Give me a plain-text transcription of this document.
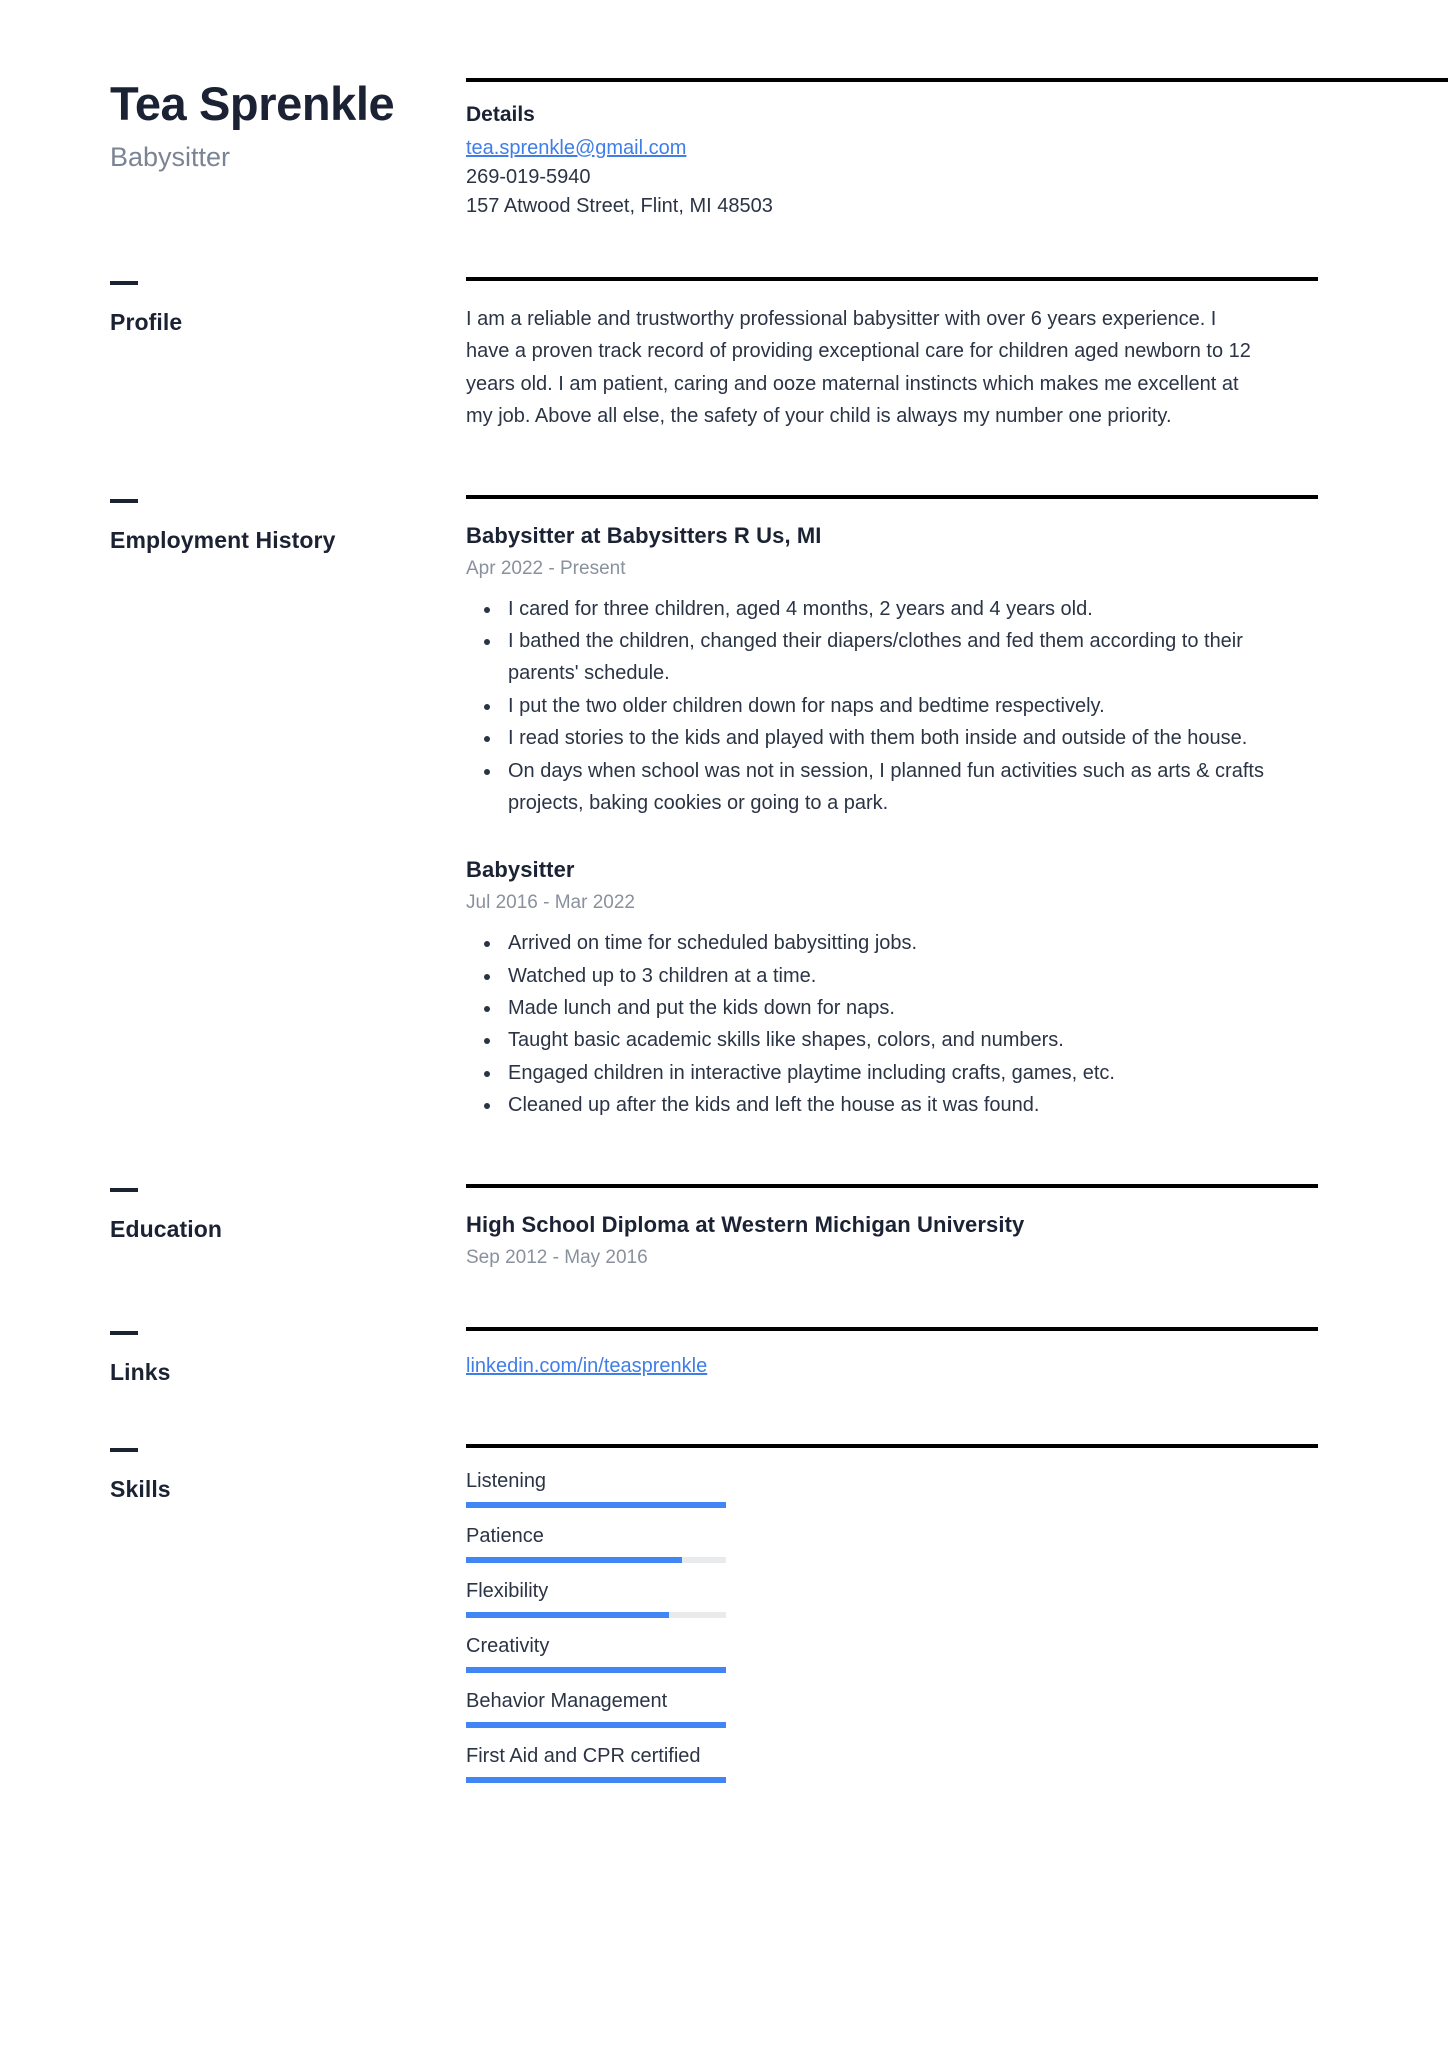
Tea Sprenkle
Babysitter
Details
tea.sprenkle@gmail.com
269-019-5940
157 Atwood Street, Flint, MI 48503
Profile	I am a reliable and trustworthy professional babysitter with over 6 years experience. I have a proven track record of providing exceptional care for children aged newborn to 12 years old. I am patient, caring and ooze maternal instincts which makes me excellent at my job. Above all else, the safety of your child is always my number one priority.
Employment History	Babysitter at Babysitters R Us, MI
Apr 2022 - Present
• I cared for three children, aged 4 months, 2 years and 4 years old.
• I bathed the children, changed their diapers/clothes and fed them according to their parents' schedule.
• I put the two older children down for naps and bedtime respectively.
• I read stories to the kids and played with them both inside and outside of the house.
• On days when school was not in session, I planned fun activities such as arts & crafts projects, baking cookies or going to a park.
Babysitter
Jul 2016 - Mar 2022
• Arrived on time for scheduled babysitting jobs.
• Watched up to 3 children at a time.
• Made lunch and put the kids down for naps.
• Taught basic academic skills like shapes, colors, and numbers.
• Engaged children in interactive playtime including crafts, games, etc.
• Cleaned up after the kids and left the house as it was found.
Education	High School Diploma at Western Michigan University
Sep 2012 - May 2016
Links	linkedin.com/in/teasprenkle
Skills	Listening
Patience
Flexibility
Creativity
Behavior Management
First Aid and CPR certified
